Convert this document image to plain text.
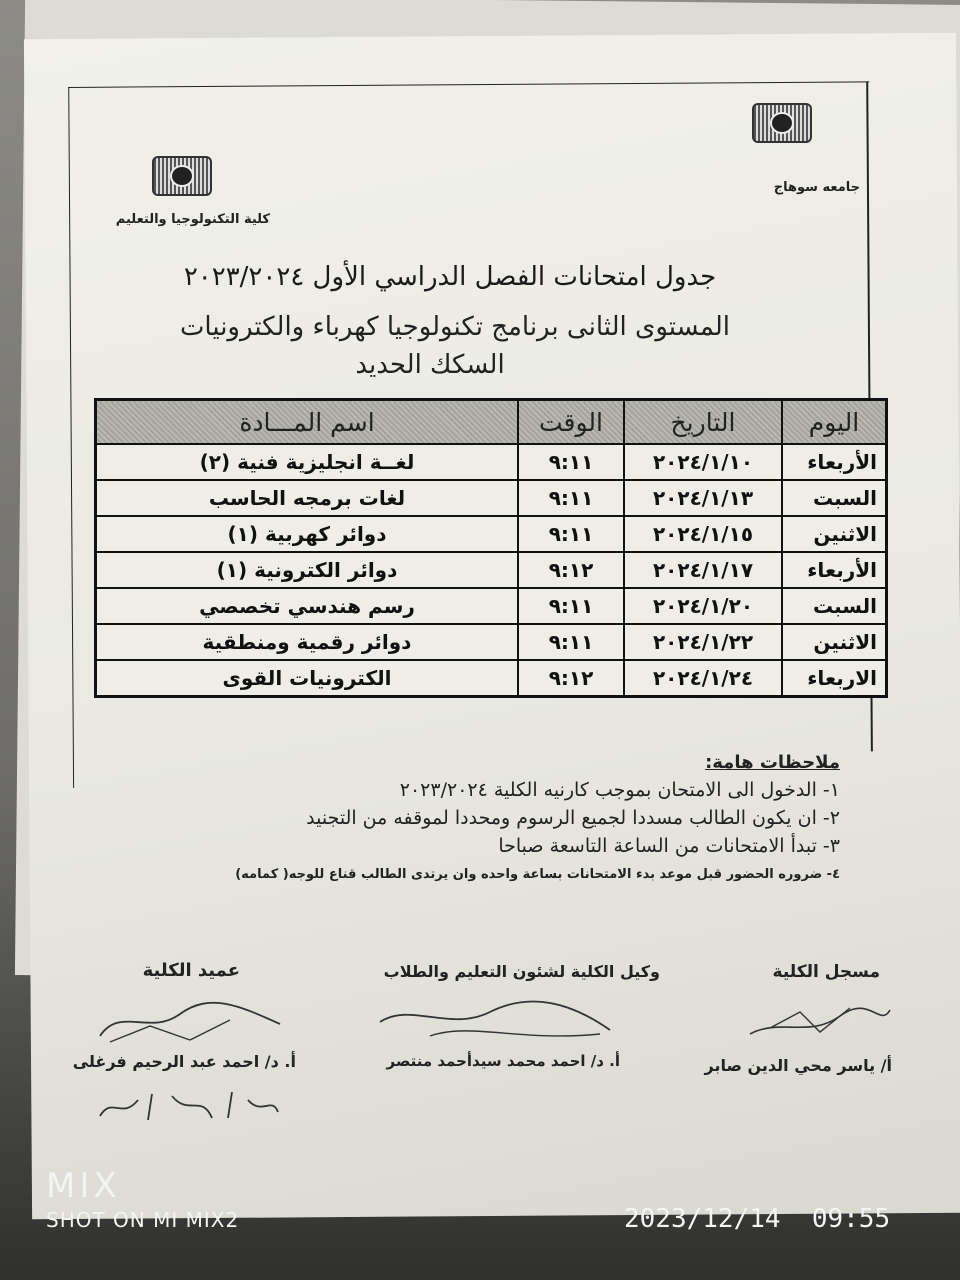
جامعه سوهاج
كلية التكنولوجيا والتعليم
جدول امتحانات الفصل الدراسي الأول ٢٠٢٣/٢٠٢٤
المستوى الثانى برنامج تكنولوجيا كهرباء والكترونيات
السكك الحديد
اليوم	التاريخ	الوقت	اسم المـــادة
الأربعاء	٢٠٢٤/١/١٠	٩:١١	لغــة انجليزية فنية (٢)
السبت	٢٠٢٤/١/١٣	٩:١١	لغات برمجه الحاسب
الاثنين	٢٠٢٤/١/١٥	٩:١١	دوائر كهربية (١)
الأربعاء	٢٠٢٤/١/١٧	٩:١٢	دوائر الكترونية (١)
السبت	٢٠٢٤/١/٢٠	٩:١١	رسم هندسي تخصصي
الاثنين	٢٠٢٤/١/٢٢	٩:١١	دوائر رقمية ومنطقية
الاربعاء	٢٠٢٤/١/٢٤	٩:١٢	الكترونيات القوى
ملاحظات هامة:
١- الدخول الى الامتحان بموجب كارنيه الكلية ٢٠٢٣/٢٠٢٤
٢- ان يكون الطالب مسددا لجميع الرسوم ومحددا لموقفه من التجنيد
٣- تبدأ الامتحانات من الساعة التاسعة صباحا
٤- ضروره الحضور قبل موعد بدء الامتحانات بساعة واحده وان يرتدى الطالب قناع للوجه( كمامه)
مسجل الكلية
أ/ ياسر محي الدين صابر
وكيل الكلية لشئون التعليم والطلاب
أ. د/ احمد محمد سيدأحمد منتصر
عميد الكلية
أ. د/ احمد عبد الرحيم فرغلى
MIX
SHOT ON MI MIX2	2023/12/14  09:55
